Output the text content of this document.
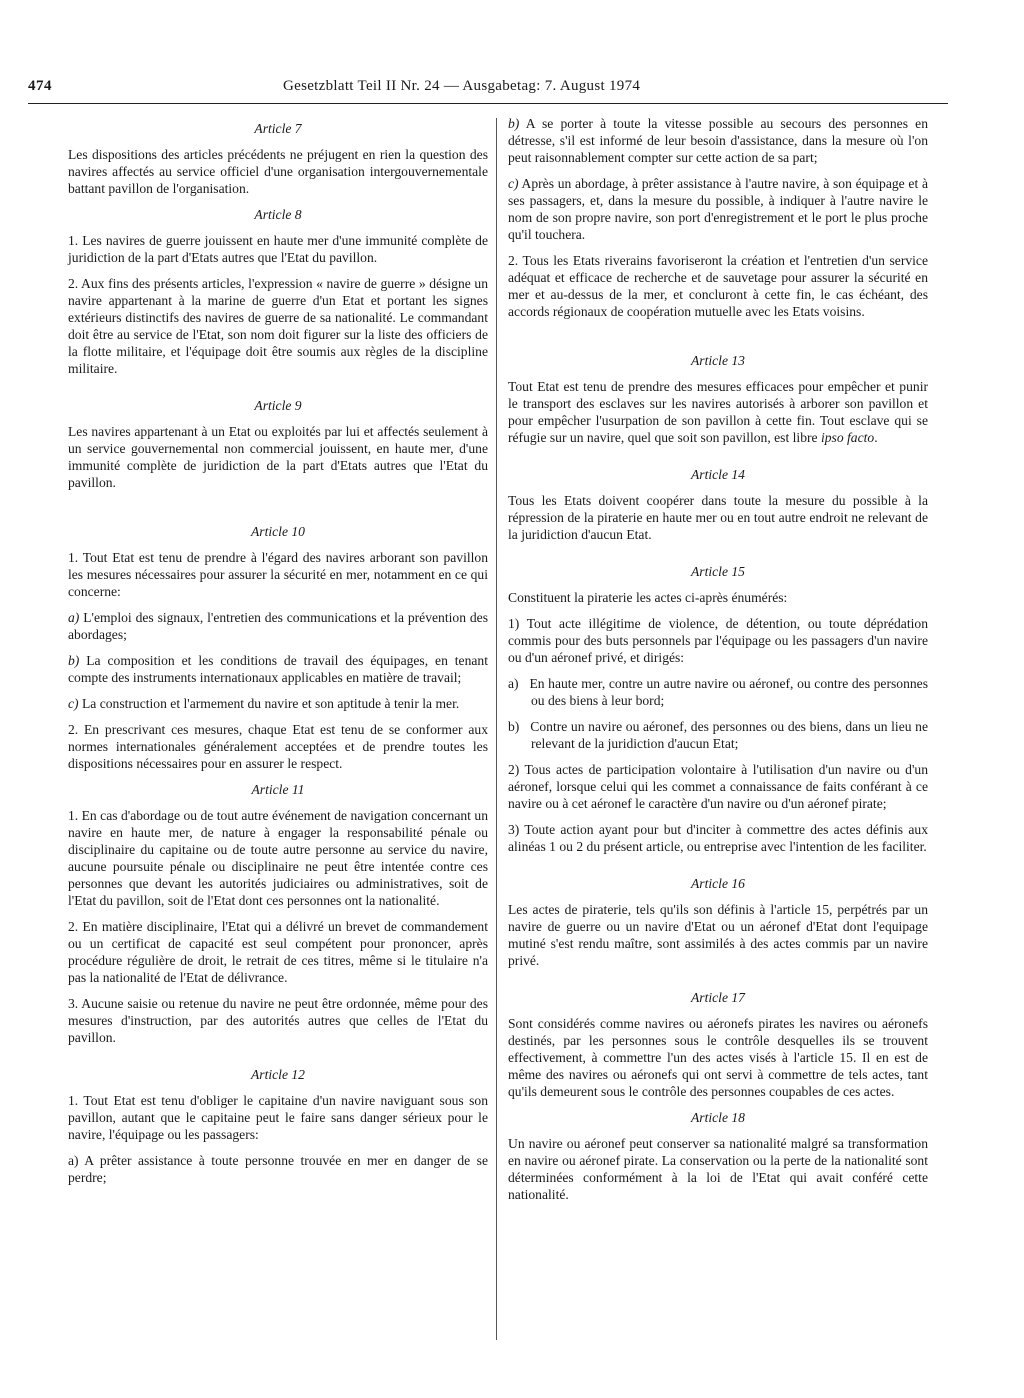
474	Gesetzblatt Teil II Nr. 24 — Ausgabetag: 7. August 1974
Article 7

Les dispositions des articles précédents ne préjugent en rien la question des navires affectés au service officiel d'une organisation intergouvernementale battant pavillon de l'organisation.

Article 8

1. Les navires de guerre jouissent en haute mer d'une immunité complète de juridiction de la part d'Etats autres que l'Etat du pavillon.

2. Aux fins des présents articles, l'expression « navire de guerre » désigne un navire appartenant à la marine de guerre d'un Etat et portant les signes extérieurs distinctifs des navires de guerre de sa nationalité. Le commandant doit être au service de l'Etat, son nom doit figurer sur la liste des officiers de la flotte militaire, et l'équipage doit être soumis aux règles de la discipline militaire.

Article 9

Les navires appartenant à un Etat ou exploités par lui et affectés seulement à un service gouvernemental non commercial jouissent, en haute mer, d'une immunité complète de juridiction de la part d'Etats autres que l'Etat du pavillon.

Article 10

1. Tout Etat est tenu de prendre à l'égard des navires arborant son pavillon les mesures nécessaires pour assurer la sécurité en mer, notamment en ce qui concerne:

a) L'emploi des signaux, l'entretien des communications et la prévention des abordages;

b) La composition et les conditions de travail des équipages, en tenant compte des instruments internationaux applicables en matière de travail;

c) La construction et l'armement du navire et son aptitude à tenir la mer.

2. En prescrivant ces mesures, chaque Etat est tenu de se conformer aux normes internationales généralement acceptées et de prendre toutes les dispositions nécessaires pour en assurer le respect.

Article 11

1. En cas d'abordage ou de tout autre événement de navigation concernant un navire en haute mer, de nature à engager la responsabilité pénale ou disciplinaire du capitaine ou de toute autre personne au service du navire, aucune poursuite pénale ou disciplinaire ne peut être intentée contre ces personnes que devant les autorités judiciaires ou administratives, soit de l'Etat du pavillon, soit de l'Etat dont ces personnes ont la nationalité.

2. En matière disciplinaire, l'Etat qui a délivré un brevet de commandement ou un certificat de capacité est seul compétent pour prononcer, après procédure régulière de droit, le retrait de ces titres, même si le titulaire n'a pas la nationalité de l'Etat de délivrance.

3. Aucune saisie ou retenue du navire ne peut être ordonnée, même pour des mesures d'instruction, par des autorités autres que celles de l'Etat du pavillon.

Article 12

1. Tout Etat est tenu d'obliger le capitaine d'un navire naviguant sous son pavillon, autant que le capitaine peut le faire sans danger sérieux pour le navire, l'équipage ou les passagers:

a) A prêter assistance à toute personne trouvée en mer en danger de se perdre;

b) A se porter à toute la vitesse possible au secours des personnes en détresse, s'il est informé de leur besoin d'assistance, dans la mesure où l'on peut raisonnablement compter sur cette action de sa part;

c) Après un abordage, à prêter assistance à l'autre navire, à son équipage et à ses passagers, et, dans la mesure du possible, à indiquer à l'autre navire le nom de son propre navire, son port d'enregistrement et le port le plus proche qu'il touchera.

2. Tous les Etats riverains favoriseront la création et l'entretien d'un service adéquat et efficace de recherche et de sauvetage pour assurer la sécurité en mer et au-dessus de la mer, et concluront à cette fin, le cas échéant, des accords régionaux de coopération mutuelle avec les Etats voisins.

Article 13

Tout Etat est tenu de prendre des mesures efficaces pour empêcher et punir le transport des esclaves sur les navires autorisés à arborer son pavillon et pour empêcher l'usurpation de son pavillon à cette fin. Tout esclave qui se réfugie sur un navire, quel que soit son pavillon, est libre ipso facto.

Article 14

Tous les Etats doivent coopérer dans toute la mesure du possible à la répression de la piraterie en haute mer ou en tout autre endroit ne relevant de la juridiction d'aucun Etat.

Article 15

Constituent la piraterie les actes ci-après énumérés:

1) Tout acte illégitime de violence, de détention, ou toute déprédation commis pour des buts personnels par l'équipage ou les passagers d'un navire ou d'un aéronef privé, et dirigés:

a) En haute mer, contre un autre navire ou aéronef, ou contre des personnes ou des biens à leur bord;

b) Contre un navire ou aéronef, des personnes ou des biens, dans un lieu ne relevant de la juridiction d'aucun Etat;

2) Tous actes de participation volontaire à l'utilisation d'un navire ou d'un aéronef, lorsque celui qui les commet a connaissance de faits conférant à ce navire ou à cet aéronef le caractère d'un navire ou d'un aéronef pirate;

3) Toute action ayant pour but d'inciter à commettre des actes définis aux alinéas 1 ou 2 du présent article, ou entreprise avec l'intention de les faciliter.

Article 16

Les actes de piraterie, tels qu'ils son définis à l'article 15, perpétrés par un navire de guerre ou un navire d'Etat ou un aéronef d'Etat dont l'equipage mutiné s'est rendu maître, sont assimilés à des actes commis par un navire privé.

Article 17

Sont considérés comme navires ou aéronefs pirates les navires ou aéronefs destinés, par les personnes sous le contrôle desquelles ils se trouvent effectivement, à commettre l'un des actes visés à l'article 15. Il en est de même des navires ou aéronefs qui ont servi à commettre de tels actes, tant qu'ils demeurent sous le contrôle des personnes coupables de ces actes.

Article 18

Un navire ou aéronef peut conserver sa nationalité malgré sa transformation en navire ou aéronef pirate. La conservation ou la perte de la nationalité sont déterminées conformément à la loi de l'Etat qui avait conféré cette nationalité.
